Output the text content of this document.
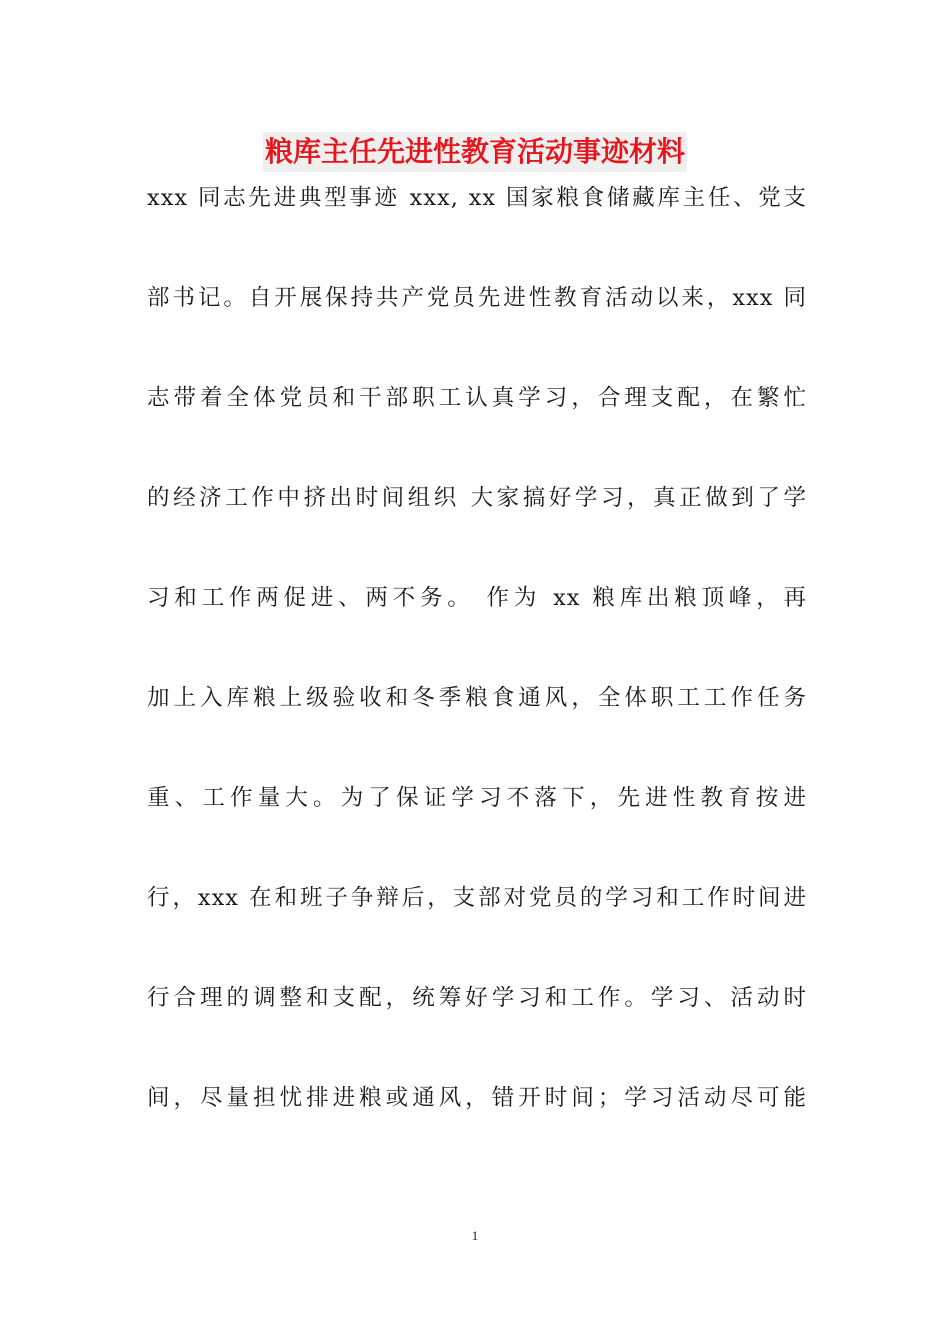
粮库主任先进性教育活动事迹材料
xxx 同志先进典型事迹 xxx, xx 国家粮食储藏库主任、党支
部书记。自开展保持共产党员先进性教育活动以来，xxx 同
志带着全体党员和干部职工认真学习，合理支配，在繁忙
的经济工作中挤出时间组织 大家搞好学习，真正做到了学
习和工作两促进、两不务。 作为 xx 粮库出粮顶峰，再
加上入库粮上级验收和冬季粮食通风，全体职工工作任务
重、工作量大。为了保证学习不落下，先进性教育按进
行，xxx 在和班子争辩后，支部对党员的学习和工作时间进
行合理的调整和支配，统筹好学习和工作。学习、活动时
间，尽量担忧排进粮或通风，错开时间；学习活动尽可能
1
